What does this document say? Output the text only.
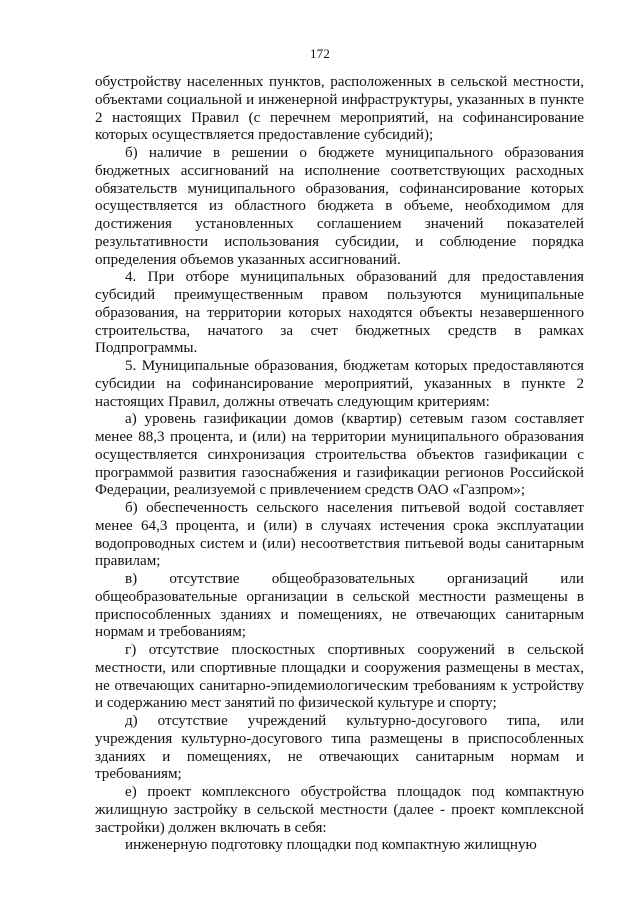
172

обустройству населенных пунктов, расположенных в сельской местности, объектами социальной и инженерной инфраструктуры, указанных в пункте 2 настоящих Правил (с перечнем мероприятий, на софинансирование которых осуществляется предоставление субсидий);

б) наличие в решении о бюджете муниципального образования бюджетных ассигнований на исполнение соответствующих расходных обязательств муниципального образования, софинансирование которых осуществляется из областного бюджета в объеме, необходимом для достижения установленных соглашением значений показателей результативности использования субсидии, и соблюдение порядка определения объемов указанных ассигнований.

4. При отборе муниципальных образований для предоставления субсидий преимущественным правом пользуются муниципальные образования, на территории которых находятся объекты незавершенного строительства, начатого за счет бюджетных средств в рамках Подпрограммы.

5. Муниципальные образования, бюджетам которых предоставляются субсидии на софинансирование мероприятий, указанных в пункте 2 настоящих Правил, должны отвечать следующим критериям:

а) уровень газификации домов (квартир) сетевым газом составляет менее 88,3 процента, и (или) на территории муниципального образования осуществляется синхронизация строительства объектов газификации с программой развития газоснабжения и газификации регионов Российской Федерации, реализуемой с привлечением средств ОАО «Газпром»;

б) обеспеченность сельского населения питьевой водой составляет менее 64,3 процента, и (или) в случаях истечения срока эксплуатации водопроводных систем и (или) несоответствия питьевой воды санитарным правилам;

в) отсутствие общеобразовательных организаций или общеобразовательные организации в сельской местности размещены в приспособленных зданиях и помещениях, не отвечающих санитарным нормам и требованиям;

г) отсутствие плоскостных спортивных сооружений в сельской местности, или спортивные площадки и сооружения размещены в местах, не отвечающих санитарно-эпидемиологическим требованиям к устройству и содержанию мест занятий по физической культуре и спорту;

д) отсутствие учреждений культурно-досугового типа, или учреждения культурно-досугового типа размещены в приспособленных зданиях и помещениях, не отвечающих санитарным нормам и требованиям;

е) проект комплексного обустройства площадок под компактную жилищную застройку в сельской местности (далее - проект комплексной застройки) должен включать в себя:

инженерную подготовку площадки под компактную жилищную
